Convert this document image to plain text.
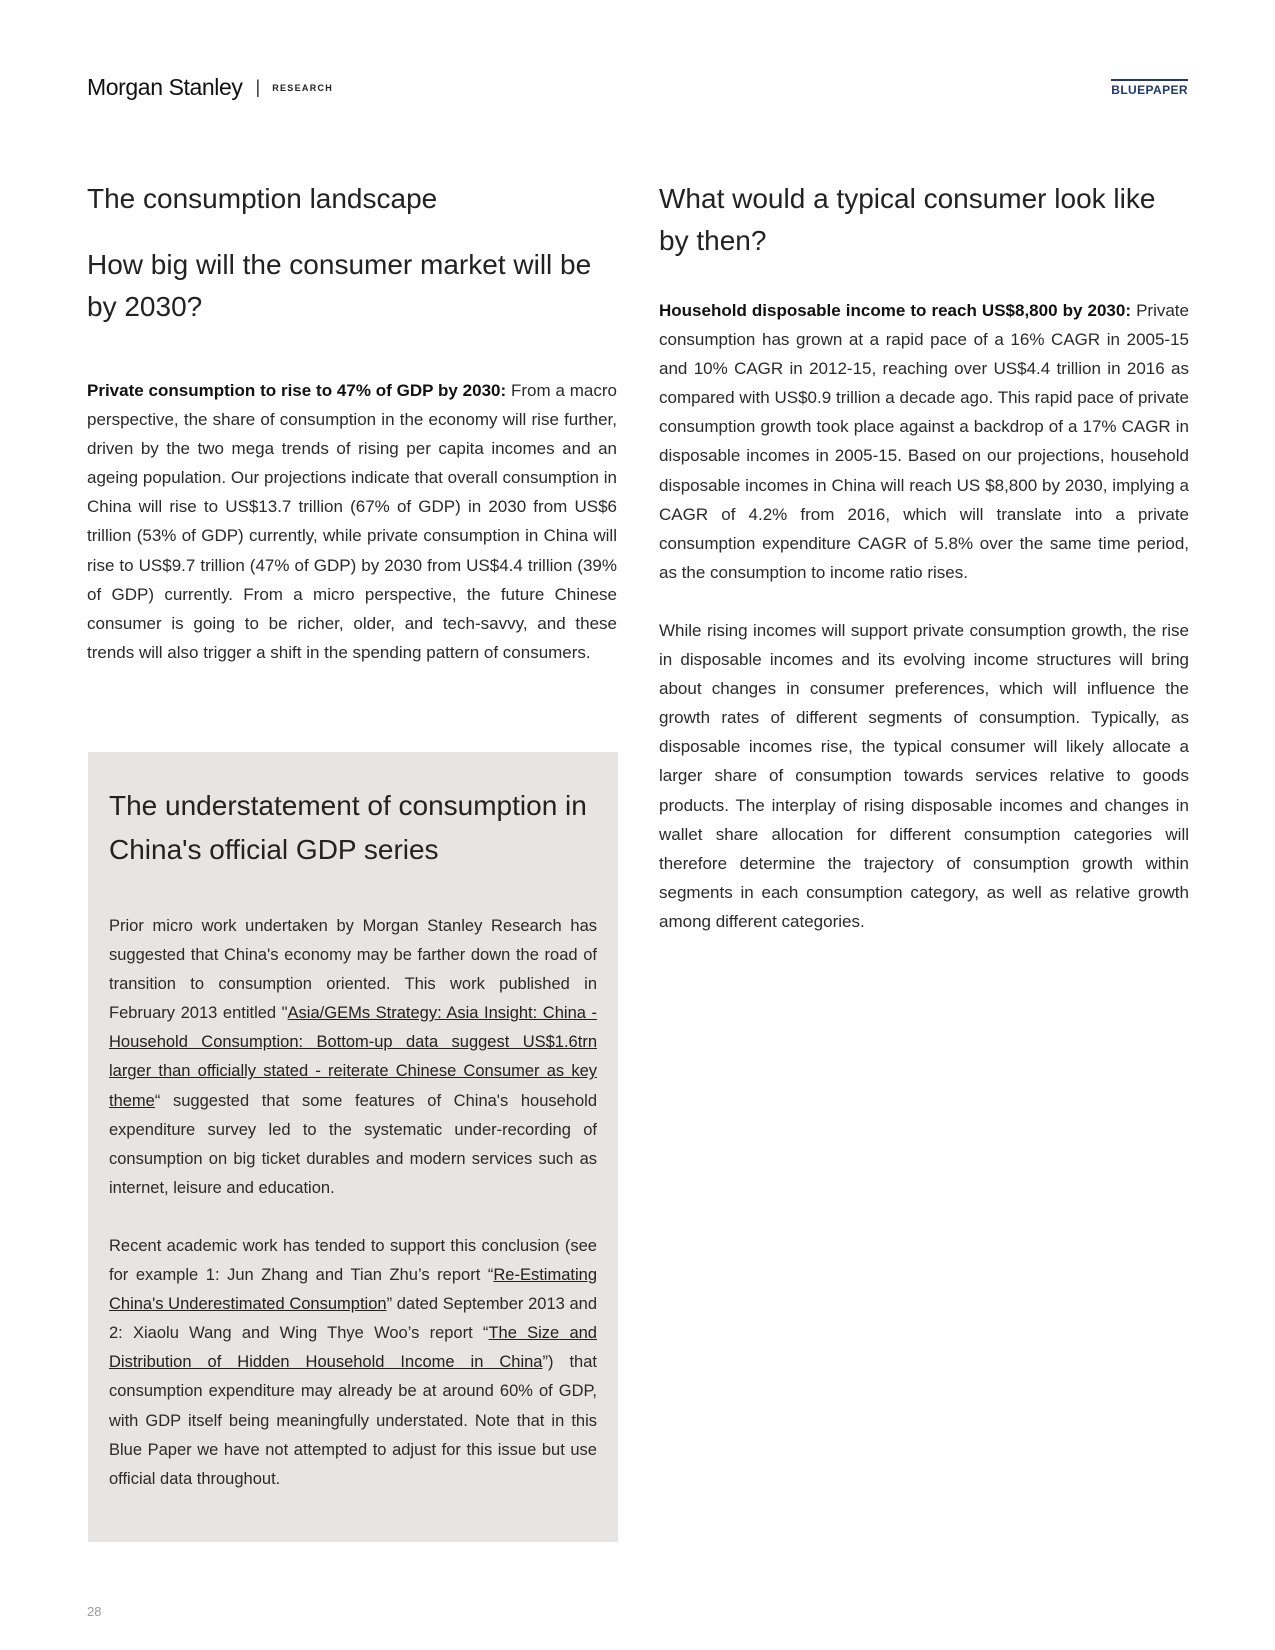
Morgan Stanley | RESEARCH	BLUEPAPER
The consumption landscape
How big will the consumer market will be by 2030?

Private consumption to rise to 47% of GDP by 2030: From a macro perspective, the share of consumption in the economy will rise further, driven by the two mega trends of rising per capita incomes and an ageing population. Our projections indicate that overall consumption in China will rise to US$13.7 trillion (67% of GDP) in 2030 from US$6 trillion (53% of GDP) currently, while private consumption in China will rise to US$9.7 trillion (47% of GDP) by 2030 from US$4.4 trillion (39% of GDP) currently. From a micro perspective, the future Chinese consumer is going to be richer, older, and tech-savvy, and these trends will also trigger a shift in the spending pattern of consumers.

The understatement of consumption in China's official GDP series

Prior micro work undertaken by Morgan Stanley Research has suggested that China's economy may be farther down the road of transition to consumption oriented. This work published in February 2013 entitled "Asia/GEMs Strategy: Asia Insight: China - Household Consumption: Bottom-up data suggest US$1.6trn larger than officially stated - reiterate Chinese Consumer as key theme“ suggested that some features of China's household expenditure survey led to the systematic under-recording of consumption on big ticket durables and modern services such as internet, leisure and education.

Recent academic work has tended to support this conclusion (see for example 1: Jun Zhang and Tian Zhu’s report “Re-Estimating China's Underestimated Consumption” dated September 2013 and 2: Xiaolu Wang and Wing Thye Woo’s report “The Size and Distribution of Hidden Household Income in China”) that consumption expenditure may already be at around 60% of GDP, with GDP itself being meaningfully understated. Note that in this Blue Paper we have not attempted to adjust for this issue but use official data throughout.

What would a typical consumer look like by then?

Household disposable income to reach US$8,800 by 2030: Private consumption has grown at a rapid pace of a 16% CAGR in 2005-15 and 10% CAGR in 2012-15, reaching over US$4.4 trillion in 2016 as compared with US$0.9 trillion a decade ago. This rapid pace of private consumption growth took place against a backdrop of a 17% CAGR in disposable incomes in 2005-15. Based on our projections, household disposable incomes in China will reach US $8,800 by 2030, implying a CAGR of 4.2% from 2016, which will translate into a private consumption expenditure CAGR of 5.8% over the same time period, as the consumption to income ratio rises.

While rising incomes will support private consumption growth, the rise in disposable incomes and its evolving income structures will bring about changes in consumer preferences, which will influence the growth rates of different segments of consumption. Typically, as disposable incomes rise, the typical consumer will likely allocate a larger share of consumption towards services relative to goods products. The interplay of rising disposable incomes and changes in wallet share allocation for different consumption categories will therefore determine the trajectory of consumption growth within segments in each consumption category, as well as relative growth among different categories.

28
